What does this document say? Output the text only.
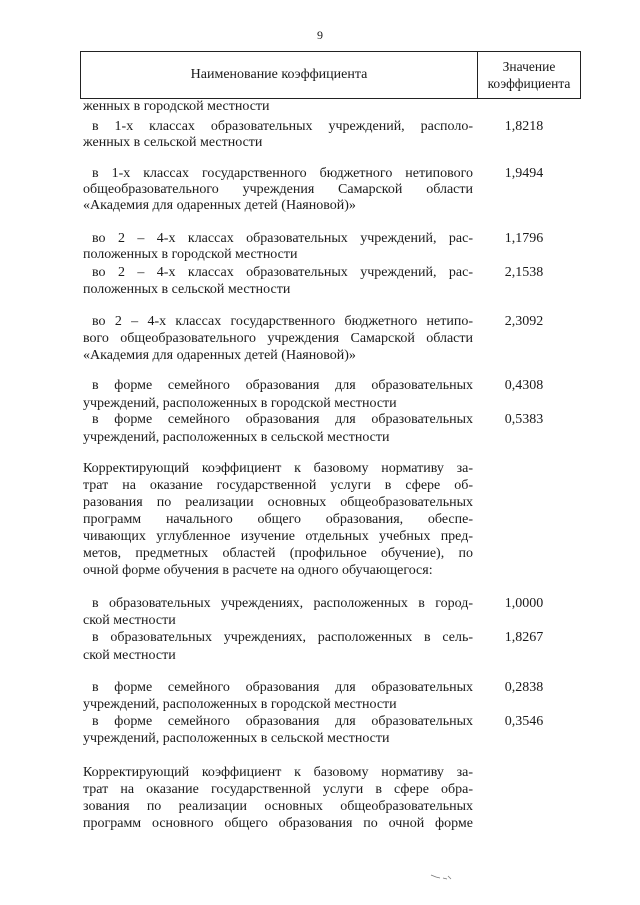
9
Наименование коэффициента
Значение
коэффициента
женных в городской местности
в 1-х классах образовательных учреждений, располо-
женных в сельской местности
в 1-х классах государственного бюджетного нетипового
общеобразовательного учреждения Самарской области
«Академия для одаренных детей (Наяновой)»
во 2 – 4-х классах образовательных учреждений, рас-
положенных в городской местности
во 2 – 4-х классах образовательных учреждений, рас-
положенных в сельской местности
во 2 – 4-х классах государственного бюджетного нетипо-
вого общеобразовательного учреждения Самарской области
«Академия для одаренных детей (Наяновой)»
в форме семейного образования для образовательных
учреждений, расположенных в городской местности
в форме семейного образования для образовательных
учреждений, расположенных в сельской местности
Корректирующий коэффициент к базовому нормативу за-
трат на оказание государственной услуги в сфере об-
разования по реализации основных общеобразовательных
программ начального общего образования, обеспе-
чивающих углубленное изучение отдельных учебных пред-
метов, предметных областей (профильное обучение), по
очной форме обучения в расчете на одного обучающегося:
в образовательных учреждениях, расположенных в город-
ской местности
в образовательных учреждениях, расположенных в сель-
ской местности
в форме семейного образования для образовательных
учреждений, расположенных в городской местности
в форме семейного образования для образовательных
учреждений, расположенных в сельской местности
Корректирующий коэффициент к базовому нормативу за-
трат на оказание государственной услуги в сфере обра-
зования по реализации основных общеобразовательных
программ основного общего образования по очной форме
1,8218
1,9494
1,1796
2,1538
2,3092
0,4308
0,5383
1,0000
1,8267
0,2838
0,3546
